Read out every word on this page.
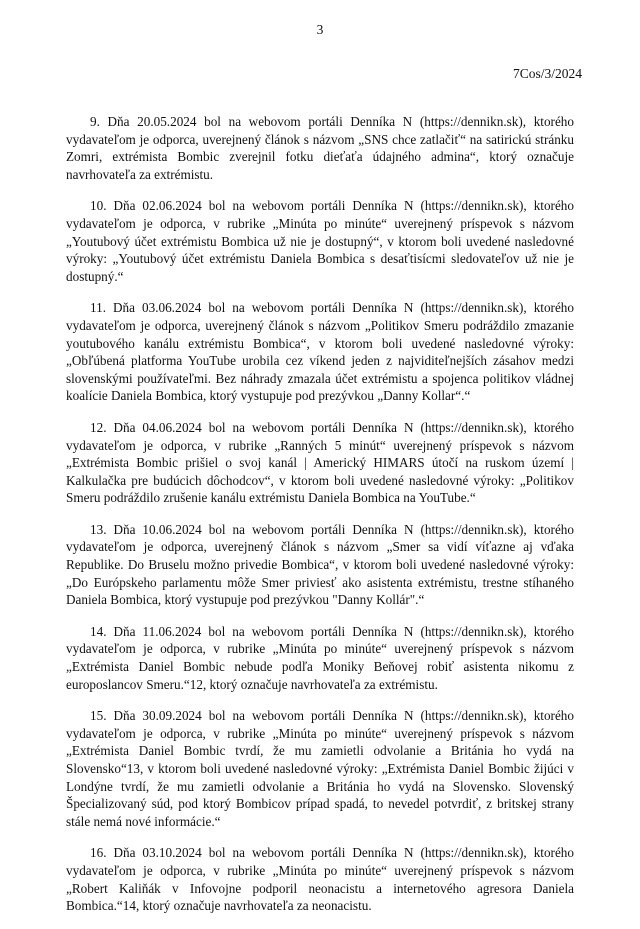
3
7Cos/3/2024

9. Dňa 20.05.2024 bol na webovom portáli Denníka N (https://dennikn.sk), ktorého vydavateľom je odporca, uverejnený článok s názvom „SNS chce zatlačiť“ na satirickú stránku Zomri, extrémista Bombic zverejnil fotku dieťaťa údajného admina“, ktorý označuje navrhovateľa za extrémistu.

10. Dňa 02.06.2024 bol na webovom portáli Denníka N (https://dennikn.sk), ktorého vydavateľom je odporca, v rubrike „Minúta po minúte“ uverejnený príspevok s názvom „Youtubový účet extrémistu Bombica už nie je dostupný“, v ktorom boli uvedené nasledovné výroky: „Youtubový účet extrémistu Daniela Bombica s desaťtisícmi sledovateľov už nie je dostupný.“

11. Dňa 03.06.2024 bol na webovom portáli Denníka N (https://dennikn.sk), ktorého vydavateľom je odporca, uverejnený článok s názvom „Politikov Smeru podráždilo zmazanie youtubového kanálu extrémistu Bombica“, v ktorom boli uvedené nasledovné výroky: „Obľúbená platforma YouTube urobila cez víkend jeden z najviditeľnejších zásahov medzi slovenskými používateľmi. Bez náhrady zmazala účet extrémistu a spojenca politikov vládnej koalície Daniela Bombica, ktorý vystupuje pod prezývkou „Danny Kollar“.“

12. Dňa 04.06.2024 bol na webovom portáli Denníka N (https://dennikn.sk), ktorého vydavateľom je odporca, v rubrike „Ranných 5 minút“ uverejnený príspevok s názvom „Extrémista Bombic prišiel o svoj kanál | Americký HIMARS útočí na ruskom území | Kalkulačka pre budúcich dôchodcov“, v ktorom boli uvedené nasledovné výroky: „Politikov Smeru podráždilo zrušenie kanálu extrémistu Daniela Bombica na YouTube.“

13. Dňa 10.06.2024 bol na webovom portáli Denníka N (https://dennikn.sk), ktorého vydavateľom je odporca, uverejnený článok s názvom „Smer sa vidí víťazne aj vďaka Republike. Do Bruselu možno privedie Bombica“, v ktorom boli uvedené nasledovné výroky: „Do Európskeho parlamentu môže Smer priviesť ako asistenta extrémistu, trestne stíhaného Daniela Bombica, ktorý vystupuje pod prezývkou "Danny Kollár".“

14. Dňa 11.06.2024 bol na webovom portáli Denníka N (https://dennikn.sk), ktorého vydavateľom je odporca, v rubrike „Minúta po minúte“ uverejnený príspevok s názvom „Extrémista Daniel Bombic nebude podľa Moniky Beňovej robiť asistenta nikomu z europoslancov Smeru.“12, ktorý označuje navrhovateľa za extrémistu.

15. Dňa 30.09.2024 bol na webovom portáli Denníka N (https://dennikn.sk), ktorého vydavateľom je odporca, v rubrike „Minúta po minúte“ uverejnený príspevok s názvom „Extrémista Daniel Bombic tvrdí, že mu zamietli odvolanie a Británia ho vydá na Slovensko“13, v ktorom boli uvedené nasledovné výroky: „Extrémista Daniel Bombic žijúci v Londýne tvrdí, že mu zamietli odvolanie a Británia ho vydá na Slovensko. Slovenský Špecializovaný súd, pod ktorý Bombicov prípad spadá, to nevedel potvrdiť, z britskej strany stále nemá nové informácie.“

16. Dňa 03.10.2024 bol na webovom portáli Denníka N (https://dennikn.sk), ktorého vydavateľom je odporca, v rubrike „Minúta po minúte“ uverejnený príspevok s názvom „Robert Kaliňák v Infovojne podporil neonacistu a internetového agresora Daniela Bombica.“14, ktorý označuje navrhovateľa za neonacistu.
